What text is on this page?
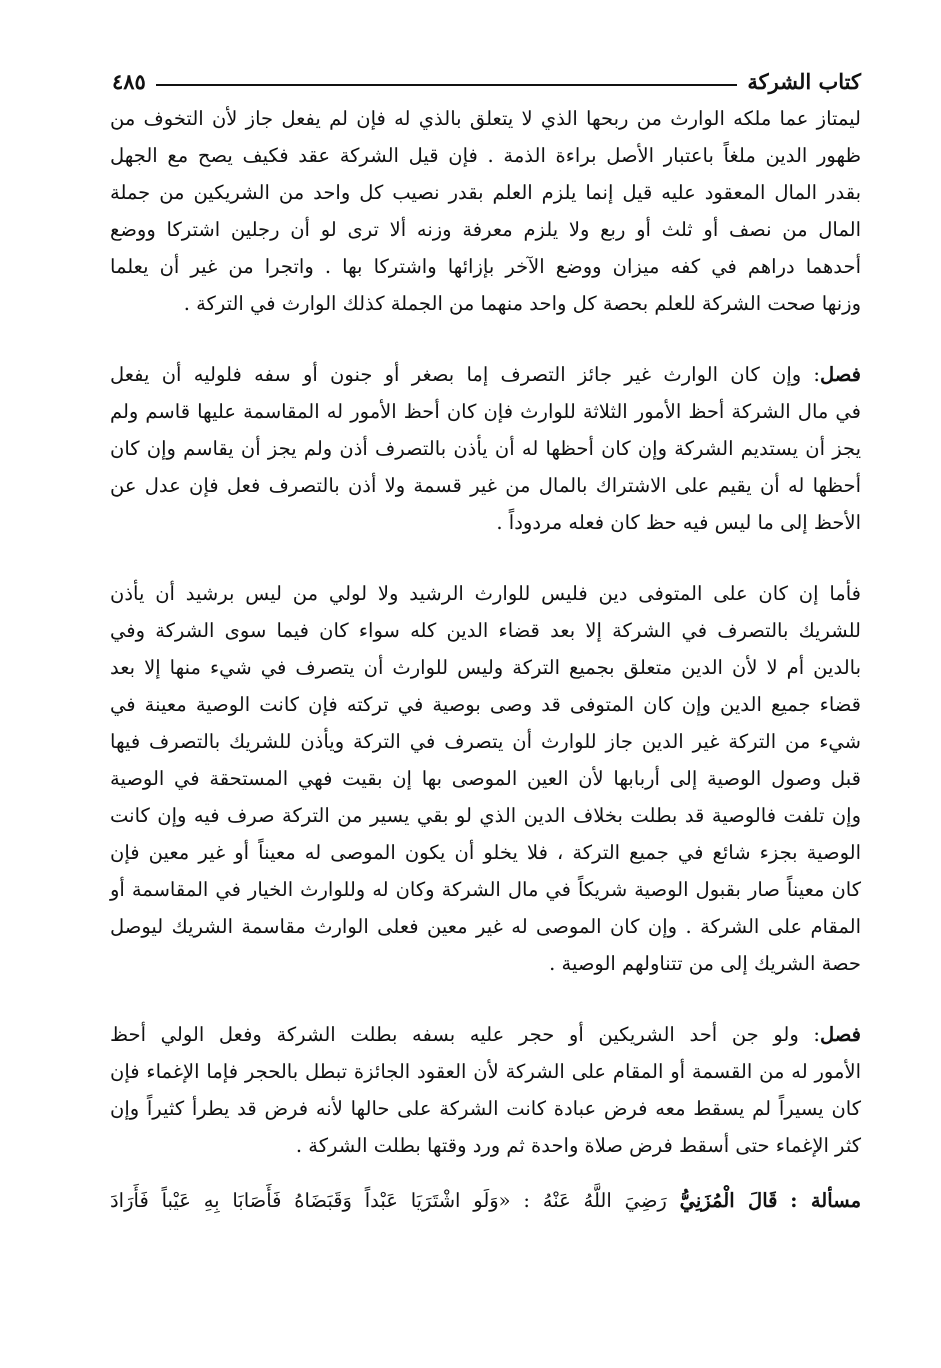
كتاب الشركة
٤٨٥

ليمتاز عما ملكه الوارث من ربحها الذي لا يتعلق بالذي له فإن لم يفعل جاز لأن التخوف من
ظهور الدين ملغاً باعتبار الأصل براءة الذمة . فإن قيل الشركة عقد فكيف يصح مع الجهل
بقدر المال المعقود عليه قيل إنما يلزم العلم بقدر نصيب كل واحد من الشريكين من جملة
المال من نصف أو ثلث أو ربع ولا يلزم معرفة وزنه ألا ترى لو أن رجلين اشتركا ووضع
أحدهما دراهم في كفه ميزان ووضع الآخر بإزائها واشتركا بها . واتجرا من غير أن يعلما
وزنها صحت الشركة للعلم بحصة كل واحد منهما من الجملة كذلك الوارث في التركة .

فصل: وإن كان الوارث غير جائز التصرف إما بصغر أو جنون أو سفه فلوليه أن يفعل
في مال الشركة أحظ الأمور الثلاثة للوارث فإن كان أحظ الأمور له المقاسمة عليها قاسم ولم
يجز أن يستديم الشركة وإن كان أحظها له أن يأذن بالتصرف أذن ولم يجز أن يقاسم وإن كان
أحظها له أن يقيم على الاشتراك بالمال من غير قسمة ولا أذن بالتصرف فعل فإن عدل عن
الأحظ إلى ما ليس فيه حظ كان فعله مردوداً .

فأما إن كان على المتوفى دين فليس للوارث الرشيد ولا لولي من ليس برشيد أن يأذن
للشريك بالتصرف في الشركة إلا بعد قضاء الدين كله سواء كان فيما سوى الشركة وفي
بالدين أم لا لأن الدين متعلق بجميع التركة وليس للوارث أن يتصرف في شيء منها إلا بعد
قضاء جميع الدين وإن كان المتوفى قد وصى بوصية في تركته فإن كانت الوصية معينة في
شيء من التركة غير الدين جاز للوارث أن يتصرف في التركة ويأذن للشريك بالتصرف فيها
قبل وصول الوصية إلى أربابها لأن العين الموصى بها إن بقيت فهي المستحقة في الوصية
وإن تلفت فالوصية قد بطلت بخلاف الدين الذي لو بقي يسير من التركة صرف فيه وإن كانت
الوصية بجزء شائع في جميع التركة ، فلا يخلو أن يكون الموصى له معيناً أو غير معين فإن
كان معيناً صار بقبول الوصية شريكاً في مال الشركة وكان له وللوارث الخيار في المقاسمة أو
المقام على الشركة . وإن كان الموصى له غير معين فعلى الوارث مقاسمة الشريك ليوصل
حصة الشريك إلى من تتناولهم الوصية .

فصل: ولو جن أحد الشريكين أو حجر عليه بسفه بطلت الشركة وفعل الولي أحظ
الأمور له من القسمة أو المقام على الشركة لأن العقود الجائزة تبطل بالحجر فإما الإغماء فإن
كان يسيراً لم يسقط معه فرض عبادة كانت الشركة على حالها لأنه فرض قد يطرأ كثيراً وإن
كثر الإغماء حتى أسقط فرض صلاة واحدة ثم ورد وقتها بطلت الشركة .

مسألة : قَالَ الْمُزَنِيُّ رَضِيَ اللَّهُ عَنْهُ : «وَلَو اشْتَرَيَا عَبْداً وَقَبَضَاهُ فَأَصَابَا بِهِ عَيْباً فَأَرَادَ
